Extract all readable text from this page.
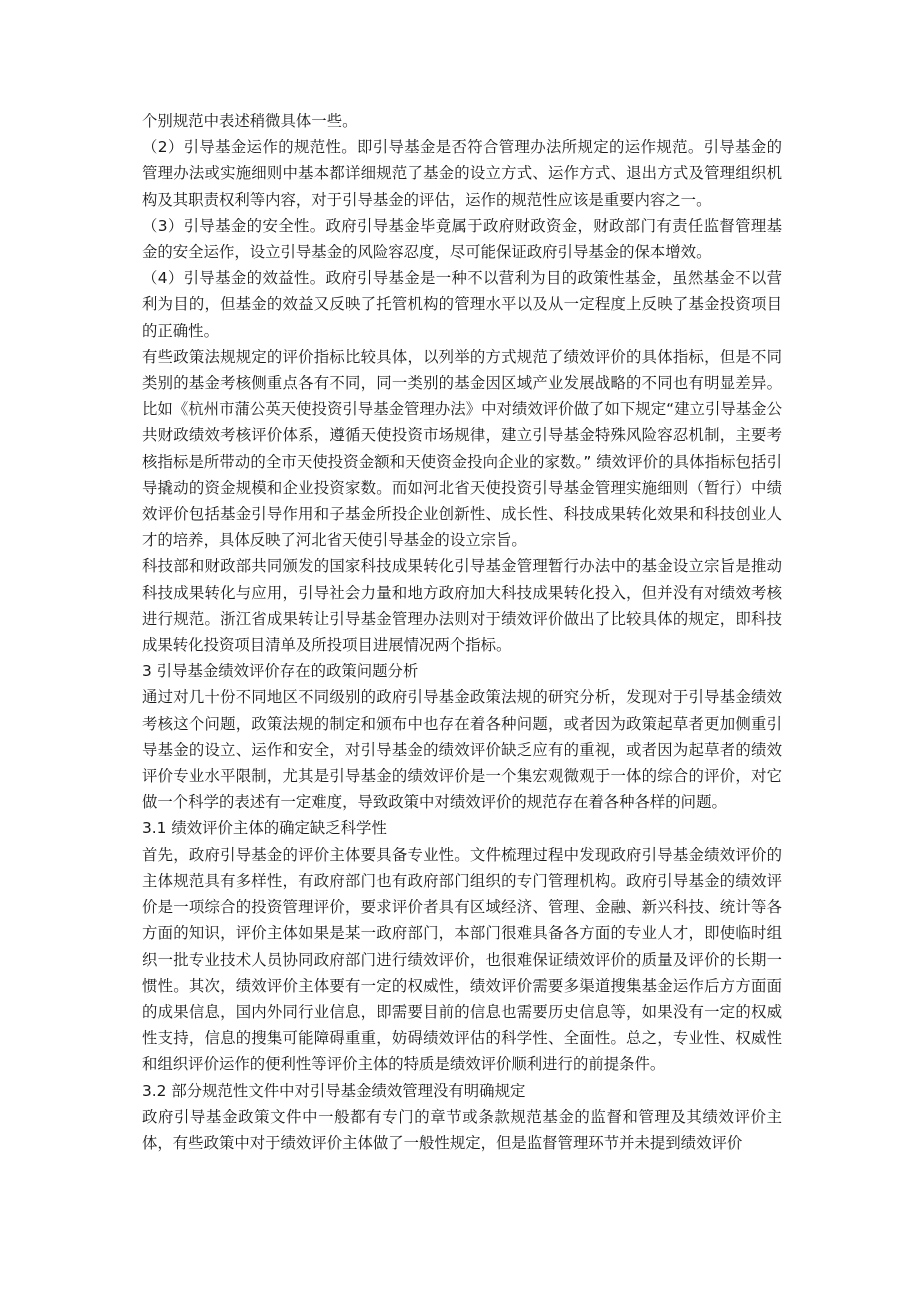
个别规范中表述稍微具体一些。

（2）引导基金运作的规范性。即引导基金是否符合管理办法所规定的运作规范。引导基金的管理办法或实施细则中基本都详细规范了基金的设立方式、运作方式、退出方式及管理组织机构及其职责权利等内容，对于引导基金的评估，运作的规范性应该是重要内容之一。

（3）引导基金的安全性。政府引导基金毕竟属于政府财政资金，财政部门有责任监督管理基金的安全运作，设立引导基金的风险容忍度，尽可能保证政府引导基金的保本增效。

（4）引导基金的效益性。政府引导基金是一种不以营利为目的政策性基金，虽然基金不以营利为目的，但基金的效益又反映了托管机构的管理水平以及从一定程度上反映了基金投资项目的正确性。

有些政策法规规定的评价指标比较具体，以列举的方式规范了绩效评价的具体指标，但是不同类别的基金考核侧重点各有不同，同一类别的基金因区域产业发展战略的不同也有明显差异。比如《杭州市蒲公英天使投资引导基金管理办法》中对绩效评价做了如下规定“建立引导基金公共财政绩效考核评价体系，遵循天使投资市场规律，建立引导基金特殊风险容忍机制，主要考核指标是所带动的全市天使投资金额和天使资金投向企业的家数。” 绩效评价的具体指标包括引导撬动的资金规模和企业投资家数。而如河北省天使投资引导基金管理实施细则（暂行）中绩效评价包括基金引导作用和子基金所投企业创新性、成长性、科技成果转化效果和科技创业人才的培养，具体反映了河北省天使引导基金的设立宗旨。

科技部和财政部共同颁发的国家科技成果转化引导基金管理暂行办法中的基金设立宗旨是推动科技成果转化与应用，引导社会力量和地方政府加大科技成果转化投入，但并没有对绩效考核进行规范。浙江省成果转让引导基金管理办法则对于绩效评价做出了比较具体的规定，即科技成果转化投资项目清单及所投项目进展情况两个指标。

3 引导基金绩效评价存在的政策问题分析

通过对几十份不同地区不同级别的政府引导基金政策法规的研究分析，发现对于引导基金绩效考核这个问题，政策法规的制定和颁布中也存在着各种问题，或者因为政策起草者更加侧重引导基金的设立、运作和安全，对引导基金的绩效评价缺乏应有的重视，或者因为起草者的绩效评价专业水平限制，尤其是引导基金的绩效评价是一个集宏观微观于一体的综合的评价，对它做一个科学的表述有一定难度，导致政策中对绩效评价的规范存在着各种各样的问题。

3.1 绩效评价主体的确定缺乏科学性

首先，政府引导基金的评价主体要具备专业性。文件梳理过程中发现政府引导基金绩效评价的主体规范具有多样性，有政府部门也有政府部门组织的专门管理机构。政府引导基金的绩效评价是一项综合的投资管理评价，要求评价者具有区域经济、管理、金融、新兴科技、统计等各方面的知识，评价主体如果是某一政府部门，本部门很难具备各方面的专业人才，即使临时组织一批专业技术人员协同政府部门进行绩效评价，也很难保证绩效评价的质量及评价的长期一惯性。其次，绩效评价主体要有一定的权威性，绩效评价需要多渠道搜集基金运作后方方面面的成果信息，国内外同行业信息，即需要目前的信息也需要历史信息等，如果没有一定的权威性支持，信息的搜集可能障碍重重，妨碍绩效评估的科学性、全面性。总之，专业性、权威性和组织评价运作的便利性等评价主体的特质是绩效评价顺利进行的前提条件。

3.2 部分规范性文件中对引导基金绩效管理没有明确规定

政府引导基金政策文件中一般都有专门的章节或条款规范基金的监督和管理及其绩效评价主体，有些政策中对于绩效评价主体做了一般性规定，但是监督管理环节并未提到绩效评价
